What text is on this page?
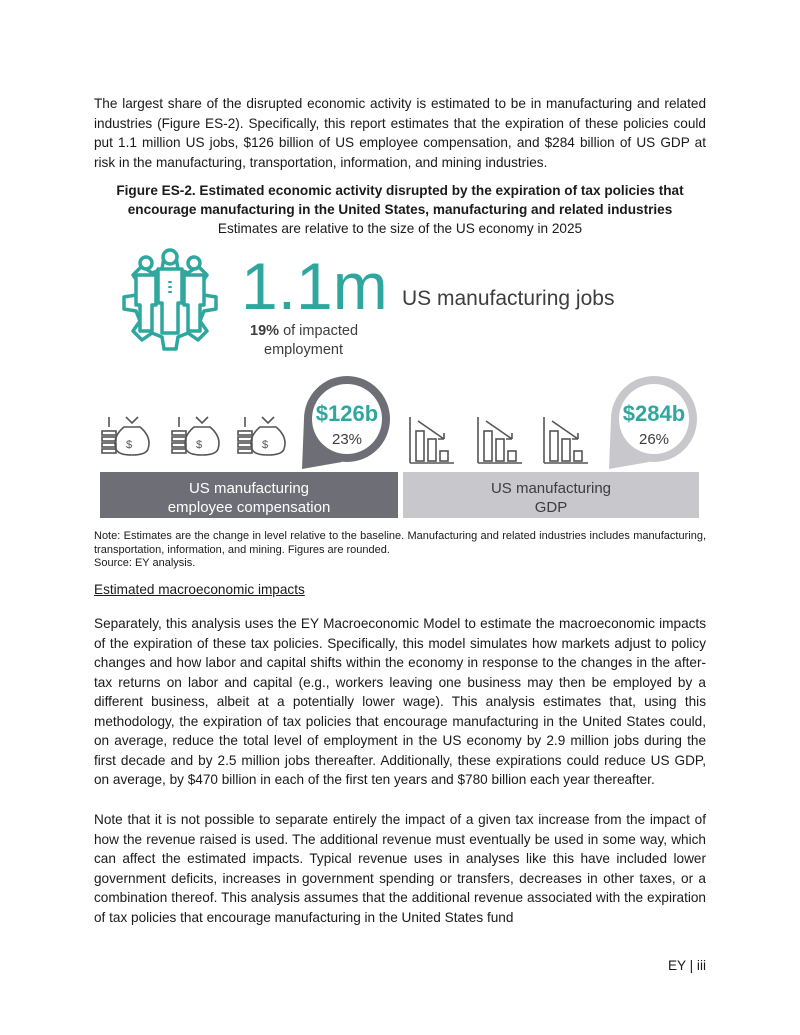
The largest share of the disrupted economic activity is estimated to be in manufacturing and related industries (Figure ES-2). Specifically, this report estimates that the expiration of these policies could put 1.1 million US jobs, $126 billion of US employee compensation, and $284 billion of US GDP at risk in the manufacturing, transportation, information, and mining industries.

Figure ES-2. Estimated economic activity disrupted by the expiration of tax policies that encourage manufacturing in the United States, manufacturing and related industries
Estimates are relative to the size of the US economy in 2025
1.1m US manufacturing jobs
19% of impacted
employment
$	$	$
$126b
23%
US manufacturing
employee compensation
$284b
26%
US manufacturing
GDP

Note: Estimates are the change in level relative to the baseline. Manufacturing and related industries includes manufacturing, transportation, information, and mining. Figures are rounded.
Source: EY analysis.

Estimated macroeconomic impacts

Separately, this analysis uses the EY Macroeconomic Model to estimate the macroeconomic impacts of the expiration of these tax policies. Specifically, this model simulates how markets adjust to policy changes and how labor and capital shifts within the economy in response to the changes in the after-tax returns on labor and capital (e.g., workers leaving one business may then be employed by a different business, albeit at a potentially lower wage). This analysis estimates that, using this methodology, the expiration of tax policies that encourage manufacturing in the United States could, on average, reduce the total level of employment in the US economy by 2.9 million jobs during the first decade and by 2.5 million jobs thereafter. Additionally, these expirations could reduce US GDP, on average, by $470 billion in each of the first ten years and $780 billion each year thereafter.

Note that it is not possible to separate entirely the impact of a given tax increase from the impact of how the revenue raised is used. The additional revenue must eventually be used in some way, which can affect the estimated impacts. Typical revenue uses in analyses like this have included lower government deficits, increases in government spending or transfers, decreases in other taxes, or a combination thereof. This analysis assumes that the additional revenue associated with the expiration of tax policies that encourage manufacturing in the United States fund

EY | iii
